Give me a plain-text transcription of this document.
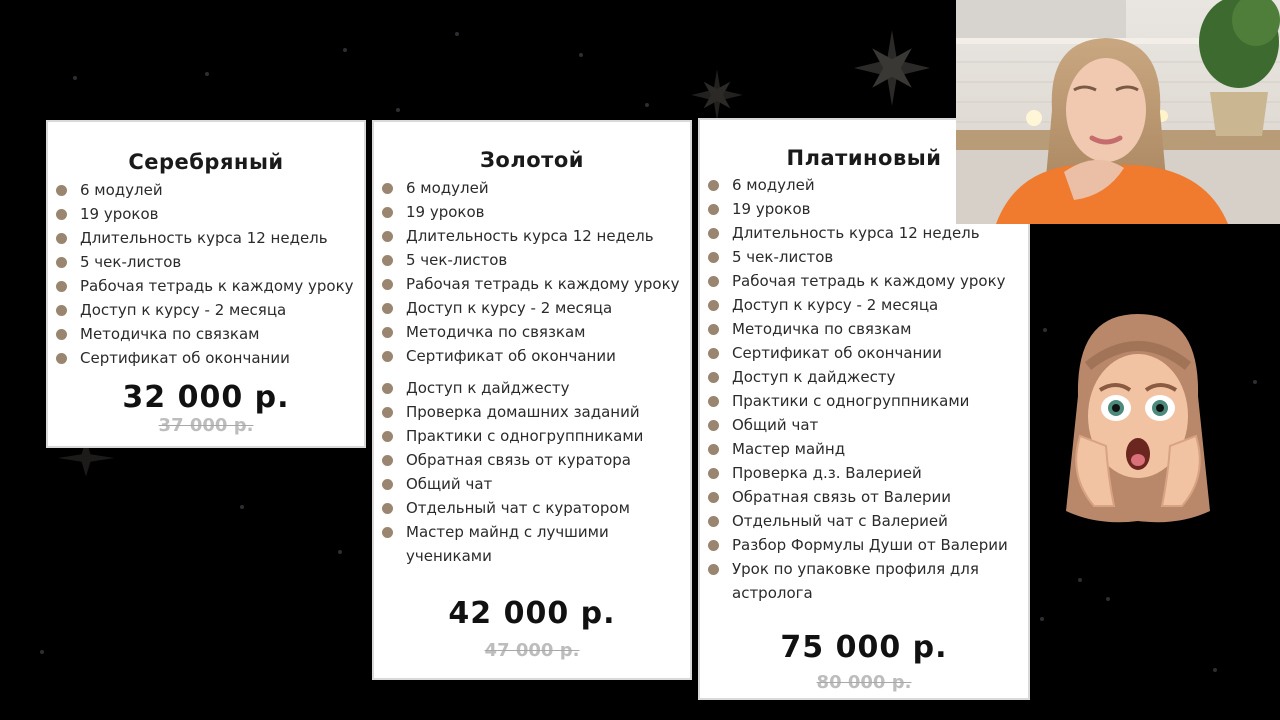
Серебряный
6 модулей
19 уроков
Длительность курса 12 недель
5 чек-листов
Рабочая тетрадь к каждому уроку
Доступ к курсу - 2 месяца
Методичка по связкам
Сертификат об окончании
32 000 р.
37 000 р.
Золотой
6 модулей
19 уроков
Длительность курса 12 недель
5 чек-листов
Рабочая тетрадь к каждому уроку
Доступ к курсу - 2 месяца
Методичка по связкам
Сертификат об окончании
Доступ к дайджесту
Проверка домашних заданий
Практики с одногруппниками
Обратная связь от куратора
Общий чат
Отдельный чат с куратором
Мастер майнд с лучшими учениками
42 000 р.
47 000 р.
Платиновый
6 модулей
19 уроков
Длительность курса 12 недель
5 чек-листов
Рабочая тетрадь к каждому уроку
Доступ к курсу - 2 месяца
Методичка по связкам
Сертификат об окончании
Доступ к дайджесту
Практики с одногруппниками
Общий чат
Мастер майнд
Проверка д.з. Валерией
Обратная связь от Валерии
Отдельный чат с Валерией
Разбор Формулы Души от Валерии
Урок по упаковке профиля для астролога
75 000 р.
80 000 р.
